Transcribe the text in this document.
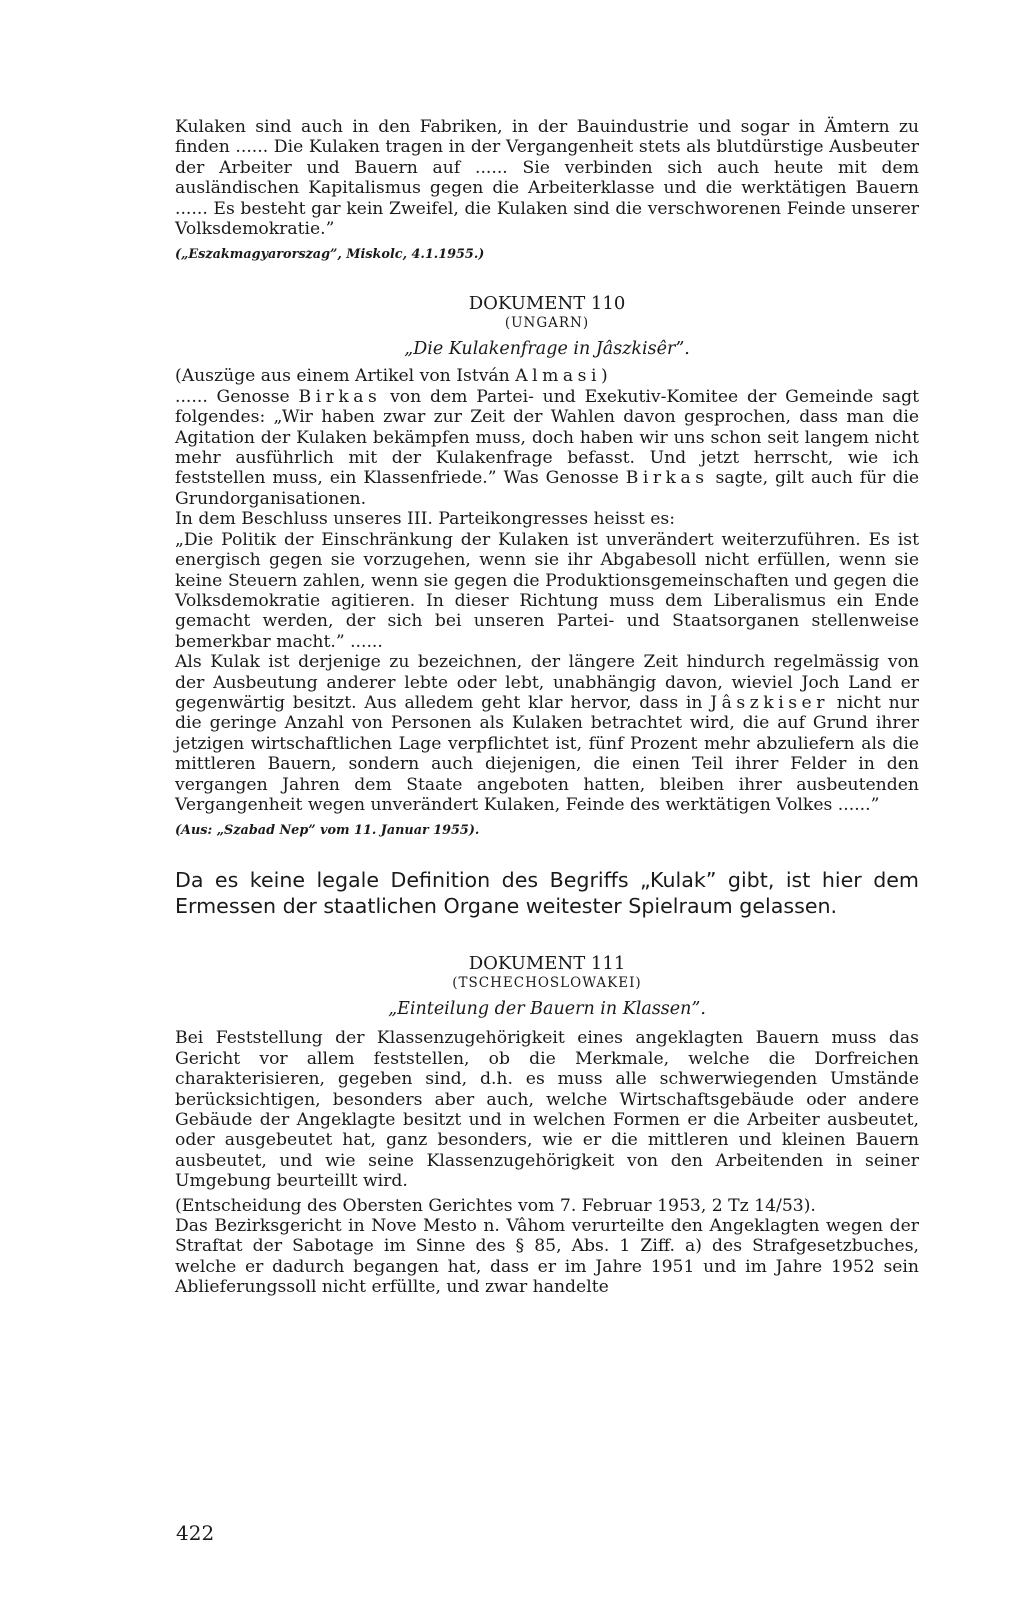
Kulaken sind auch in den Fabriken, in der Bauindustrie und sogar in Ämtern zu finden ...... Die Kulaken tragen in der Vergangenheit stets als blutdürstige Ausbeuter der Arbeiter und Bauern auf ...... Sie verbinden sich auch heute mit dem ausländischen Kapitalismus gegen die Arbeiterklasse und die werktätigen Bauern ...... Es besteht gar kein Zweifel, die Kulaken sind die verschworenen Feinde unserer Volksdemokratie.”

(„Eszakmagyarorszag”, Miskolc, 4.1.1955.)

DOKUMENT 110

(UNGARN)

„Die Kulakenfrage in Jâszkisêr”.

(Auszüge aus einem Artikel von István Almasi)

...... Genosse Birkas von dem Partei- und Exekutiv-Komitee der Gemeinde sagt folgendes: „Wir haben zwar zur Zeit der Wahlen davon gesprochen, dass man die Agitation der Kulaken bekämpfen muss, doch haben wir uns schon seit langem nicht mehr ausführlich mit der Kulakenfrage befasst. Und jetzt herrscht, wie ich feststellen muss, ein Klassenfriede.” Was Genosse Birkas sagte, gilt auch für die Grundorganisationen.

In dem Beschluss unseres III. Parteikongresses heisst es:

„Die Politik der Einschränkung der Kulaken ist unverändert weiterzuführen. Es ist energisch gegen sie vorzugehen, wenn sie ihr Abgabesoll nicht erfüllen, wenn sie keine Steuern zahlen, wenn sie gegen die Produktionsgemeinschaften und gegen die Volksdemokratie agitieren. In dieser Richtung muss dem Liberalismus ein Ende gemacht werden, der sich bei unseren Partei- und Staatsorganen stellenweise bemerkbar macht.” ......

Als Kulak ist derjenige zu bezeichnen, der längere Zeit hindurch regelmässig von der Ausbeutung anderer lebte oder lebt, unabhängig davon, wieviel Joch Land er gegenwärtig besitzt. Aus alledem geht klar hervor, dass in Jâszkiser nicht nur die geringe Anzahl von Personen als Kulaken betrachtet wird, die auf Grund ihrer jetzigen wirtschaftlichen Lage verpflichtet ist, fünf Prozent mehr abzuliefern als die mittleren Bauern, sondern auch diejenigen, die einen Teil ihrer Felder in den vergangen Jahren dem Staate angeboten hatten, bleiben ihrer ausbeutenden Vergangenheit wegen unverändert Kulaken, Feinde des werktätigen Volkes ......”

(Aus: „Szabad Nep” vom 11. Januar 1955).

Da es keine legale Definition des Begriffs „Kulak” gibt, ist hier dem Ermessen der staatlichen Organe weitester Spielraum gelassen.

DOKUMENT 111

(TSCHECHOSLOWAKEI)

„Einteilung der Bauern in Klassen”.

Bei Feststellung der Klassenzugehörigkeit eines angeklagten Bauern muss das Gericht vor allem feststellen, ob die Merkmale, welche die Dorfreichen charakterisieren, gegeben sind, d.h. es muss alle schwerwiegenden Umstände berücksichtigen, besonders aber auch, welche Wirtschaftsgebäude oder andere Gebäude der Angeklagte besitzt und in welchen Formen er die Arbeiter ausbeutet, oder ausgebeutet hat, ganz besonders, wie er die mittleren und kleinen Bauern ausbeutet, und wie seine Klassenzugehörigkeit von den Arbeitenden in seiner Umgebung beurteillt wird.

(Entscheidung des Obersten Gerichtes vom 7. Februar 1953, 2 Tz 14/53).

Das Bezirksgericht in Nove Mesto n. Vâhom verurteilte den Angeklagten wegen der Straftat der Sabotage im Sinne des § 85, Abs. 1 Ziff. a) des Strafgesetzbuches, welche er dadurch begangen hat, dass er im Jahre 1951 und im Jahre 1952 sein Ablieferungssoll nicht erfüllte, und zwar handelte

422
